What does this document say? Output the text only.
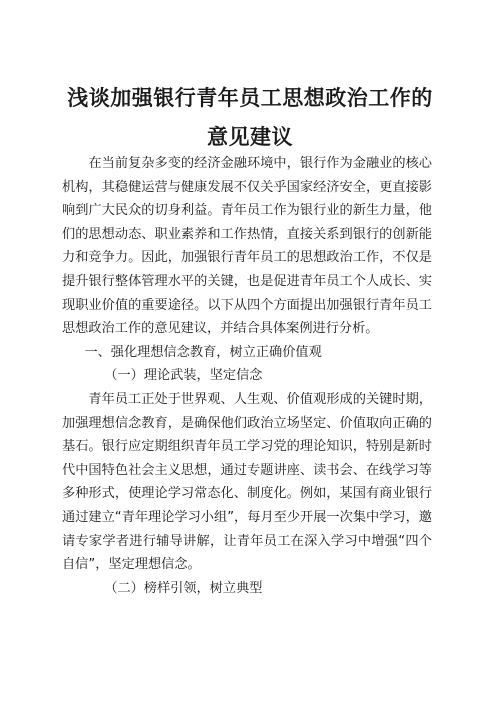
浅谈加强银行青年员工思想政治工作的
意见建议

在当前复杂多变的经济金融环境中，银行作为金融业的核心机构，其稳健运营与健康发展不仅关乎国家经济安全，更直接影响到广大民众的切身利益。青年员工作为银行业的新生力量，他们的思想动态、职业素养和工作热情，直接关系到银行的创新能力和竞争力。因此，加强银行青年员工的思想政治工作，不仅是提升银行整体管理水平的关键，也是促进青年员工个人成长、实现职业价值的重要途径。以下从四个方面提出加强银行青年员工思想政治工作的意见建议，并结合具体案例进行分析。

一、强化理想信念教育，树立正确价值观

（一）理论武装，坚定信念

青年员工正处于世界观、人生观、价值观形成的关键时期，加强理想信念教育，是确保他们政治立场坚定、价值取向正确的基石。银行应定期组织青年员工学习党的理论知识，特别是新时代中国特色社会主义思想，通过专题讲座、读书会、在线学习等多种形式，使理论学习常态化、制度化。例如，某国有商业银行通过建立“青年理论学习小组”，每月至少开展一次集中学习，邀请专家学者进行辅导讲解，让青年员工在深入学习中增强“四个自信”，坚定理想信念。

（二）榜样引领，树立典型
